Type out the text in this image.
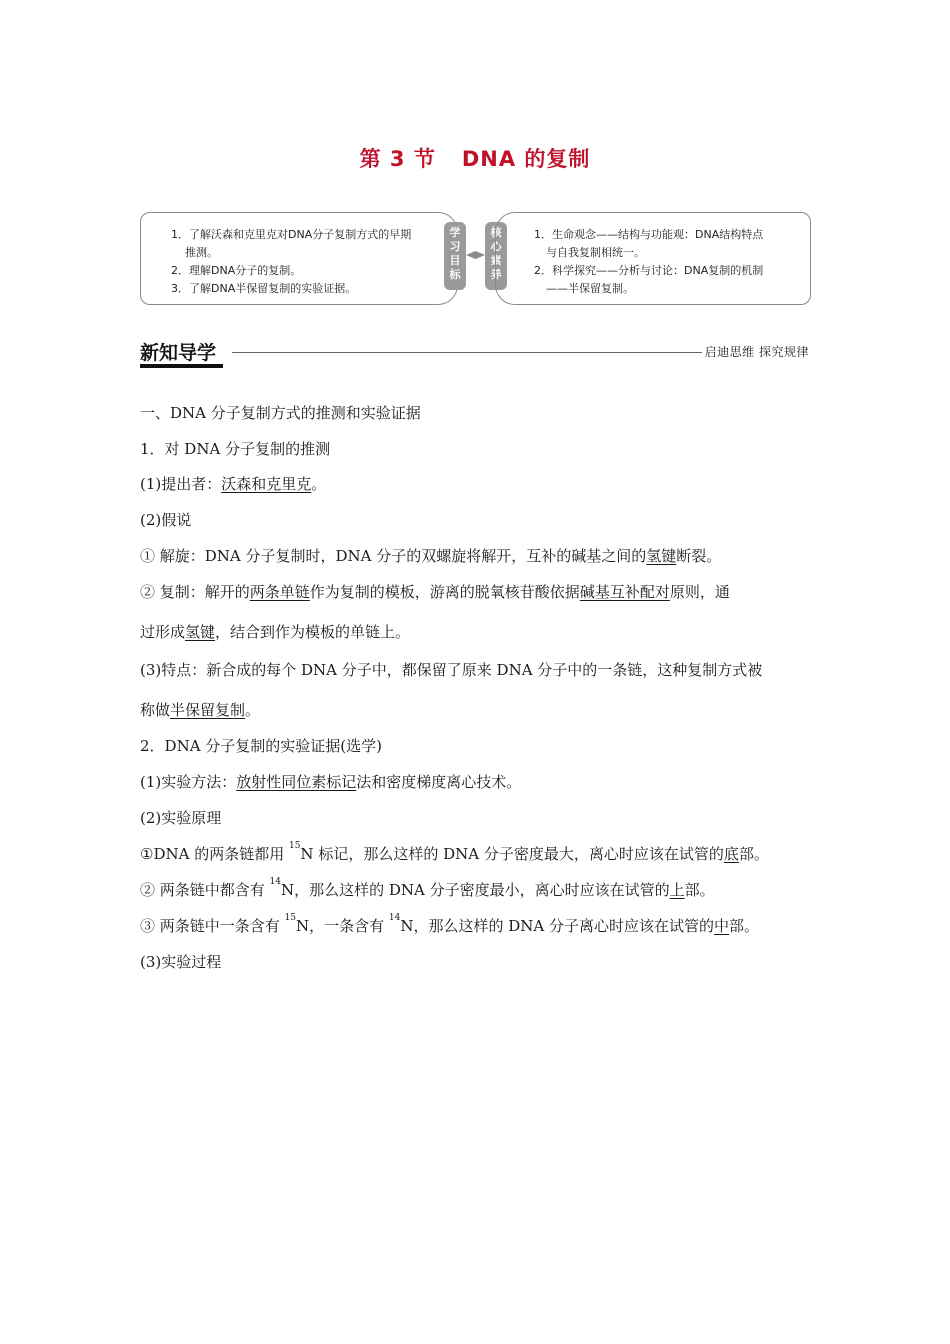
第 3 节 DNA 的复制
1．了解沃森和克里克对DNA分子复制方式的早期
推测。
2．理解DNA分子的复制。
3．了解DNA半保留复制的实验证据。
学
习
目
标
核
心
素
养
1．生命观念——结构与功能观：DNA结构特点
与自我复制相统一。
2．科学探究——分析与讨论：DNA复制的机制
——半保留复制。
新知导学	启迪思维 探究规律
一、DNA 分子复制方式的推测和实验证据
1．对 DNA 分子复制的推测
(1)提出者：沃森和克里克。
(2)假说
① 解旋：DNA 分子复制时，DNA 分子的双螺旋将解开，互补的碱基之间的氢键断裂。
② 复制：解开的两条单链作为复制的模板，游离的脱氧核苷酸依据碱基互补配对原则，通
过形成氢键，结合到作为模板的单链上。
(3)特点：新合成的每个 DNA 分子中，都保留了原来 DNA 分子中的一条链，这种复制方式被
称做半保留复制。
2．DNA 分子复制的实验证据(选学)
(1)实验方法：放射性同位素标记法和密度梯度离心技术。
(2)实验原理
①DNA 的两条链都用 $^{15}$N 标记，那么这样的 DNA 分子密度最大，离心时应该在试管的底部。
② 两条链中都含有 $^{14}$N，那么这样的 DNA 分子密度最小，离心时应该在试管的上部。
③ 两条链中一条含有 $^{15}$N，一条含有 $^{14}$N，那么这样的 DNA 分子离心时应该在试管的中部。
(3)实验过程
